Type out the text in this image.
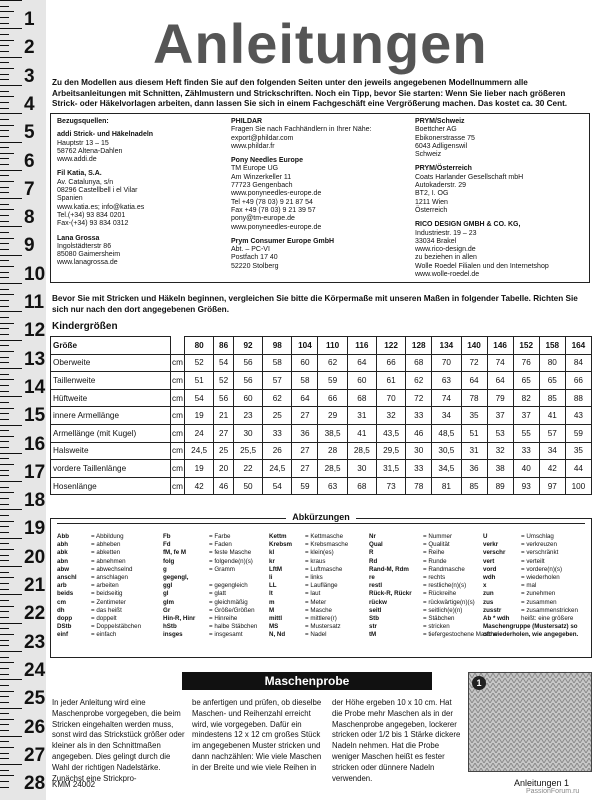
1
2
3
4
5
6
7
8
9
10
11
12
13
14
15
16
17
18
19
20
21
22
23
24
25
26
27
28
Anleitungen
Zu den Modellen aus diesem Heft finden Sie auf den folgenden Seiten unter den jeweils angegebenen Modellnummern alle Arbeitsanleitungen mit Schnitten, Zählmustern und Strickschriften. Noch ein Tipp, bevor Sie starten: Wenn Sie lieber nach größeren Strick- oder Häkelvorlagen arbeiten, dann lassen Sie sich in einem Fachgeschäft eine Vergrößerung machen. Das kostet ca. 30 Cent.
Bezugsquellen:
addi Strick- und Häkelnadeln
Hauptstr 13 – 15
58762 Altena-Dahlen
www.addi.de
Fil Katia, S.A.
Av. Catalunya, s/n
08296 Castellbell i el Vilar
Spanien
www.katia.es; info@katia.es
Tel.(+34) 93 834 0201
Fax-(+34) 93 834 0312
Lana Grossa
Ingolstädterstr 86
85080 Gaimersheim
www.lanagrossa.de
PHILDAR
Fragen Sie nach Fachhändlern in Ihrer Nähe:
export@phildar.com
www.phildar.fr
Pony Needles Europe
TM Europe UG
Am Winzerkeller 11
77723 Gengenbach
www.ponyneedles-europe.de
Tel +49 (78 03) 9 21 87 54
Fax +49 (78 03) 9 21 39 57
pony@tm-europe.de
www.ponyneedles-europe.de
Prym Consumer Europe GmbH
Abt. – PC-VI
Postfach 17 40
52220 Stolberg
PRYM/Schweiz
Boettcher AG
Ebikonerstrasse 75
6043 Adligenswil
Schweiz
PRYM/Österreich
Coats Harlander Gesellschaft mbH
Autokaderstr. 29
BT2, I. OG
1211 Wien
Österreich
RICO DESIGN GMBH & CO. KG,
Industriestr. 19 – 23
33034 Brakel
www.rico-design.de
zu beziehen in allen
Wolle Roedel Filialen und den Internetshop
www.wolle-roedel.de
Bevor Sie mit Stricken und Häkeln beginnen, vergleichen Sie bitte die Körpermaße mit unseren Maßen in folgender Tabelle. Richten Sie sich nur nach den dort angegebenen Größen.
Kindergrößen
Größe		80	86	92	98	104	110	116	122	128	134	140	146	152	158	164
Oberweite	cm	52	54	56	58	60	62	64	66	68	70	72	74	76	80	84
Taillenweite	cm	51	52	56	57	58	59	60	61	62	63	64	64	65	65	66
Hüftweite	cm	54	56	60	62	64	66	68	70	72	74	78	79	82	85	88
innere Armellänge	cm	19	21	23	25	27	29	31	32	33	34	35	37	37	41	43
Armellänge (mit Kugel)	cm	24	27	30	33	36	38,5	41	43,5	46	48,5	51	53	55	57	59
Halsweite	cm	24,5	25	25,5	26	27	28	28,5	29,5	30	30,5	31	32	33	34	35
vordere Taillenlänge	cm	19	20	22	24,5	27	28,5	30	31,5	33	34,5	36	38	40	42	44
Hosenlänge	cm	42	46	50	54	59	63	68	73	78	81	85	89	93	97	100
Abkürzungen
Abb	= Abbildung
abh	= abheben
abk	= abketten
abn	= abnehmen
abw	= abwechselnd
anschl = anschlagen
arb	= arbeiten
beids	= beidseitig
cm	= Zentimeter
dh	= das heißt
dopp	= doppelt
DStb	= Doppelstäbchen
einf	= einfach
Fb	= Farbe
Fd	= Faden
fM, fe M	= feste Masche
folg	= folgende(n)(s)
g	= Gramm
gegengl,
ggl	= gegengleich
gl	= glatt
glm	= gleichmäßig
Gr	= Größe/Größen
Hin-R, Hinr = Hinreihe
hStb	= halbe Stäbchen
insges	= insgesamt
Kettm	= Kettmasche
Krebsm = Krebsmasche
kl	= klein(es)
kr	= kraus
LftM	= Luftmasche
li	= links
LL	= Lauflänge
lt	= laut
m	= Meter
M	= Masche
mittl	= mittlere(r)
MS	= Mustersatz
N, Nd	= Nadel
Nr	= Nummer
Qual	= Qualität
R	= Reihe
Rd	= Runde
Rand-M, Rdm = Randmasche
re	= rechts
restl	= restliche(n)(s)
Rück-R, Rückr = Rückreihe
rückw	= rückwärtige(n)(s)
seitl	= seitlich(e)(n)
Stb	= Stäbchen
str	= stricken
tM	= tiefergestochene Masche
U	= Umschlag
verkr	= verkreuzen
verschr	= verschränkt
vert	= verteilt
vord	= vordere(n)(s)
wdh	= wiederholen
x	= mal
zun	= zunehmen
zus	= zusammen
zusstr	= zusammenstricken
Ab * wdh heißt: eine größere
Maschengruppe (Mustersatz) so
oft wiederholen, wie angegeben.
Maschenprobe
In jeder Anleitung wird eine Maschenprobe vorgegeben, die beim Stricken eingehalten werden muss, sonst wird das Strickstück größer oder kleiner als in den Schnittmaßen angegeben. Dies gelingt durch die Wahl der richtigen Nadelstärke. Zunächst eine Strickpro-
be anfertigen und prüfen, ob dieselbe Maschen- und Reihenzahl erreicht wird, wie vorgegeben. Dafür ein mindestens 12 x 12 cm großes Stück im angegebenen Muster stricken und dann nachzählen: Wie viele Maschen in der Breite und wie viele Reihen in
der Höhe ergeben 10 x 10 cm. Hat die Probe mehr Maschen als in der Maschenprobe angegeben, lockerer stricken oder 1/2 bis 1 Stärke dickere Nadeln nehmen. Hat die Probe weniger Maschen heißt es fester stricken oder dünnere Nadeln verwenden.
1
KMM 24002	Anleitungen 1
PassionForum.ru
